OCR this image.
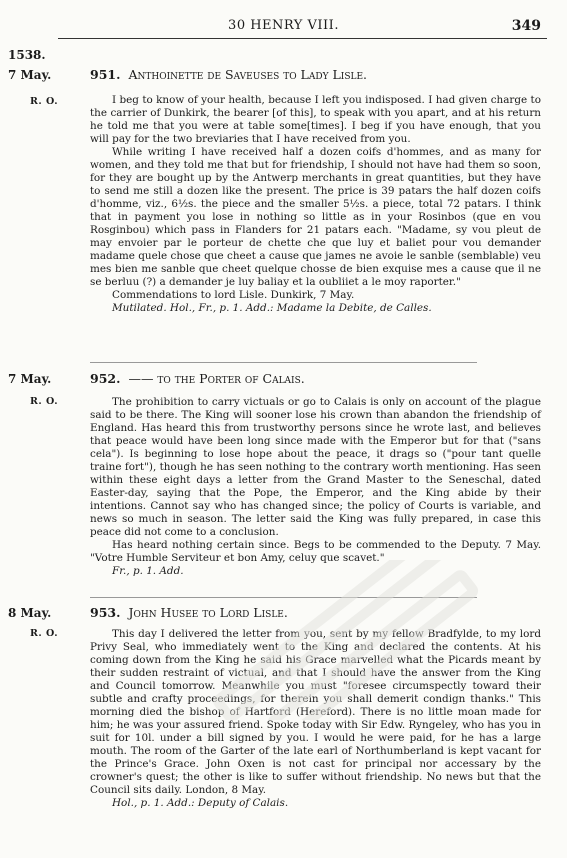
30 HENRY VIII.	349
1538.
7 May.
R. O.
951. Anthoinette de Saveuses to Lady Lisle.

I beg to know of your health, because I left you indisposed. I had given charge to the carrier of Dunkirk, the bearer [of this], to speak with you apart, and at his return he told me that you were at table some[times]. I beg if you have enough, that you will pay for the two breviaries that I have received from you.

While writing I have received half a dozen coifs d'hommes, and as many for women, and they told me that but for friendship, I should not have had them so soon, for they are bought up by the Antwerp merchants in great quantities, but they have to send me still a dozen like the present. The price is 39 patars the half dozen coifs d'homme, viz., 6½s. the piece and the smaller 5½s. a piece, total 72 patars. I think that in payment you lose in nothing so little as in your Rosinbos (que en vou Rosginbou) which pass in Flanders for 21 patars each. "Madame, sy vou pleut de may envoier par le porteur de chette che que luy et baliet pour vou demander madame quele chose que cheet a cause que james ne avoie le sanble (semblable) veu mes bien me sanble que cheet quelque chosse de bien exquise mes a cause que il ne se berluu (?) a demander je luy baliay et la oubliiet a le moy raporter."

Commendations to lord Lisle. Dunkirk, 7 May.

Mutilated. Hol., Fr., p. 1. Add.: Madame la Debite, de Calles.

7 May.
R. O.
952. —— to the Porter of Calais.

The prohibition to carry victuals or go to Calais is only on account of the plague said to be there. The King will sooner lose his crown than abandon the friendship of England. Has heard this from trustworthy persons since he wrote last, and believes that peace would have been long since made with the Emperor but for that ("sans cela"). Is beginning to lose hope about the peace, it drags so ("pour tant quelle traine fort"), though he has seen nothing to the contrary worth mentioning. Has seen within these eight days a letter from the Grand Master to the Seneschal, dated Easter-day, saying that the Pope, the Emperor, and the King abide by their intentions. Cannot say who has changed since; the policy of Courts is variable, and news so much in season. The letter said the King was fully prepared, in case this peace did not come to a conclusion.

Has heard nothing certain since. Begs to be commended to the Deputy. 7 May. "Votre Humble Serviteur et bon Amy, celuy que scavet."

Fr., p. 1. Add.

8 May.
R. O.
953. John Husee to Lord Lisle.

This day I delivered the letter from you, sent by my fellow Bradfylde, to my lord Privy Seal, who immediately went to the King and declared the contents. At his coming down from the King he said his Grace marvelled what the Picards meant by their sudden restraint of victual, and that I should have the answer from the King and Council tomorrow. Meanwhile you must "foresee circumspectly toward their subtle and crafty proceedings, for therein you shall demerit condign thanks." This morning died the bishop of Hartford (Hereford). There is no little moan made for him; he was your assured friend. Spoke today with Sir Edw. Ryngeley, who has you in suit for 10l. under a bill signed by you. I would he were paid, for he has a large mouth. The room of the Garter of the late earl of Northumberland is kept vacant for the Prince's Grace. John Oxen is not cast for principal nor accessary by the crowner's quest; the other is like to suffer without friendship. No news but that the Council sits daily. London, 8 May.

Hol., p. 1. Add.: Deputy of Calais.
